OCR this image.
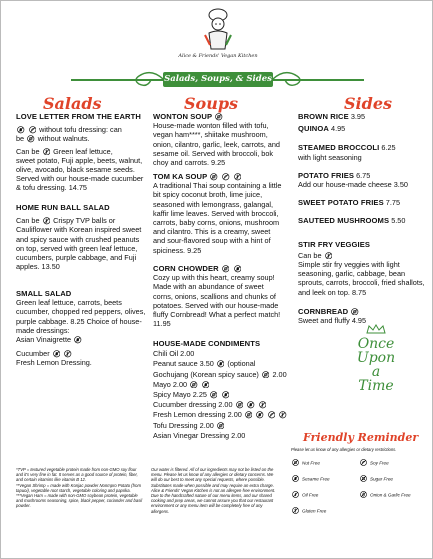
Alice & Friends' Vegan Kitchen
Salads, Soups, & Sides
Salads	Soups	Sides
LOVE LETTER FROM THE EARTH
without tofu dressing: can
be without walnuts.
Can be Green leaf lettuce,
sweet potato, Fuji apple, beets, walnut, olive, avocado, black sesame seeds. Served with our house-made cucumber & tofu dressing. 14.75
HOME RUN BALL SALAD
Can be Crispy TVP balls or
Cauliflower with Korean inspired sweet and spicy sauce with crushed peanuts on top, served with green leaf lettuce, cucumbers, purple cabbage, and Fuji apples. 13.50
SMALL SALAD
Green leaf lettuce, carrots, beets cucumber, chopped red peppers, olives, purple cabbage. 8.25 Choice of house-made dressings:
Asian Vinaigrette
Cucumber
Fresh Lemon Dressing.
WONTON SOUP
House-made wonton filled with tofu, vegan ham****, shiitake mushroom, onion, cilantro, garlic, leek, carrots, and sesame oil. Served with broccoli, bok choy and carrots. 9.25
TOM KA SOUP
A traditional Thai soup containing a little bit spicy coconut broth, lime juice, seasoned with lemongrass, galangal, kaffir lime leaves. Served with broccoli, carrots, baby corns, onions, mushroom and cilantro. This is a creamy, sweet and sour-flavored soup with a hint of spiciness. 9.25
CORN CHOWDER
Cozy up with this heart, creamy soup! Made with an abundance of sweet corns, onions, scallions and chunks of potatoes. Served with our house-made fluffy Cornbread! What a perfect match! 11.95
HOUSE-MADE CONDIMENTS
Chili Oil 2.00
Peanut sauce 3.50 (optional
Gochujang (Korean spicy sauce) 2.00
Mayo 2.00
Spicy Mayo 2.25
Cucumber dressing 2.00
Fresh Lemon dressing 2.00
Tofu Dressing 2.00
Asian Vinegar Dressing 2.00
BROWN RICE 3.95
QUINOA 4.95
STEAMED BROCCOLI 6.25
with light seasoning
POTATO FRIES 6.75
Add our house-made cheese 3.50
SWEET POTATO FRIES 7.75
SAUTEED MUSHROOMS 5.50
STIR FRY VEGGIES
Can be
Simple stir fry veggies with light seasoning, garlic, cabbage, bean sprouts, carrots, broccoli, fried shallots, and leek on top. 8.75
CORNBREAD
Sweet and fluffy 4.95
Once
Upon
a
Time
*TVP = textured vegetable protein made from non-GMO soy flour and it's very fine in fat. It serves as a good source of protein, fiber, and certain vitamins like vitamin B 12.
**Vegan Shrimp = made with Konjac powder Nonmpro Potato (from tapuoi), vegetable root starch, vegetable coloring and paprika.
***Vegan Ham = made with non-GMO soybean protein, vegetable and mushrooms seasoning, spice, black pepper, coriander and basil powder.
Our water is filtered. All of our ingredients may not be listed on the menu. Please let us know of any allergies or dietary concerns. We will do our best to meet any special requests, where possible. Substitutes made when possible and may require an extra charge. Alice & Friends' Vegan Kitchen is not an allergen-free environment. Due to the handcrafted nature of our menu items, and our shared cooking and prep areas, we cannot assure you that our restaurant environment or any menu item will be completely free of any allergens.
Friendly Reminder
Please let us know of any allergies or dietary restrictions.
Nut Free	Soy Free
Sesame Free	Sugar Free
Oil Free	Onion & Garlic Free
Gluten Free
